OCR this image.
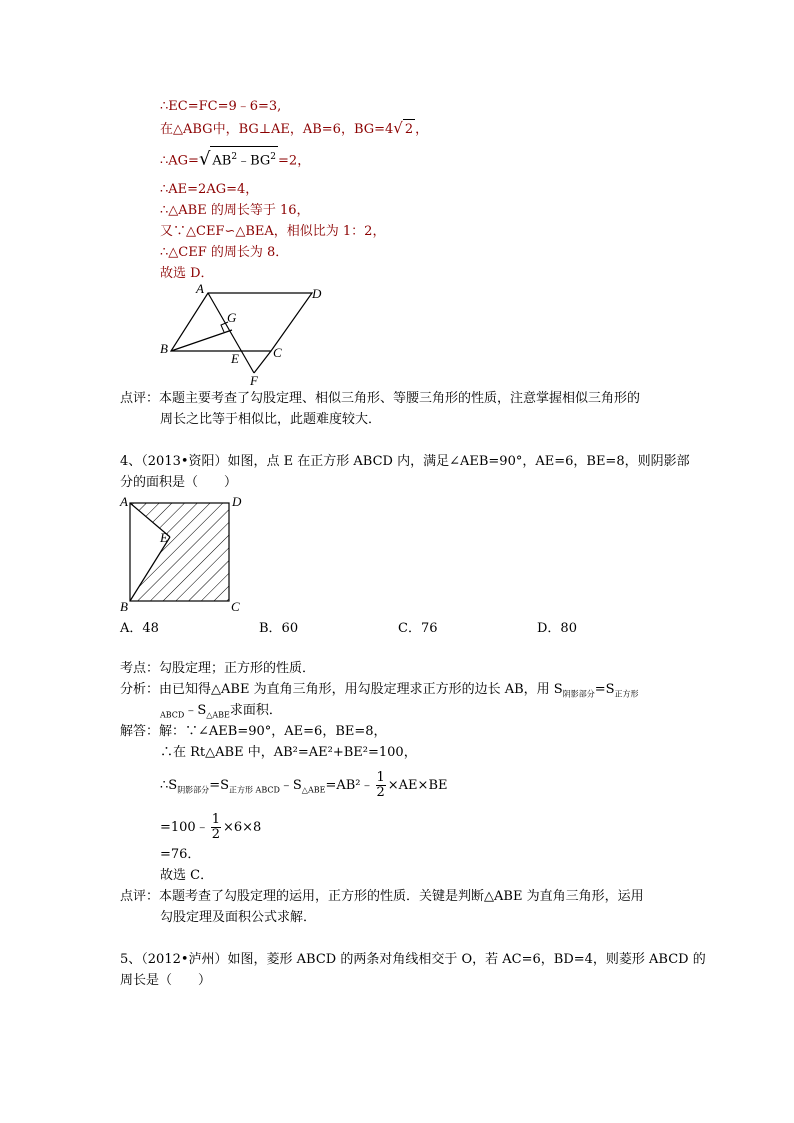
∴EC=FC=9﹣6=3,
在△ABG中，BG⊥AE，AB=6，BG=4√ 2 ，
∴AG=√ $AB^2﹣BG^2 =2$，
∴AE=2AG=4，
∴△ABE 的周长等于 16，
又∵△CEF∽△BEA，相似比为 1：2，
∴△CEF 的周长为 8．
故选 D．
A	D
G
B
E	C
F
点评：本题主要考查了勾股定理、相似三角形、等腰三角形的性质，注意掌握相似三角形的
周长之比等于相似比，此题难度较大．
4、（2013•资阳）如图，点 E 在正方形 ABCD 内，满足∠AEB=90°，AE=6，BE=8，则阴影部
分的面积是（　　）
A	D
E
B	C
A．48	B．60	C．76	D．80
考点：勾股定理；正方形的性质．
分析：由已知得△ABE 为直角三角形，用勾股定理求正方形的边长 AB，用 $S_{阴影部分}=S_{正方形}$
$_{ABCD}﹣S_{\triangle ABE}$求面积．
解答：解：∵∠AEB=90°，AE=6，BE=8，
∴在 Rt△ABE 中，AB²=AE²+BE²=100，
$\therefore S_{阴影部分}=S_{正方形 ABCD}﹣S_{\triangle ABE}=AB^2﹣ \frac{1}{2} \times AE\times BE$
=100﹣ $\frac{1}{2} \times 6\times 8$
=76．
故选 C．
点评：本题考查了勾股定理的运用，正方形的性质．关键是判断△ABE 为直角三角形，运用
勾股定理及面积公式求解．
5、（2012•泸州）如图，菱形 ABCD 的两条对角线相交于 O，若 AC=6，BD=4，则菱形 ABCD 的
周长是（　　）
